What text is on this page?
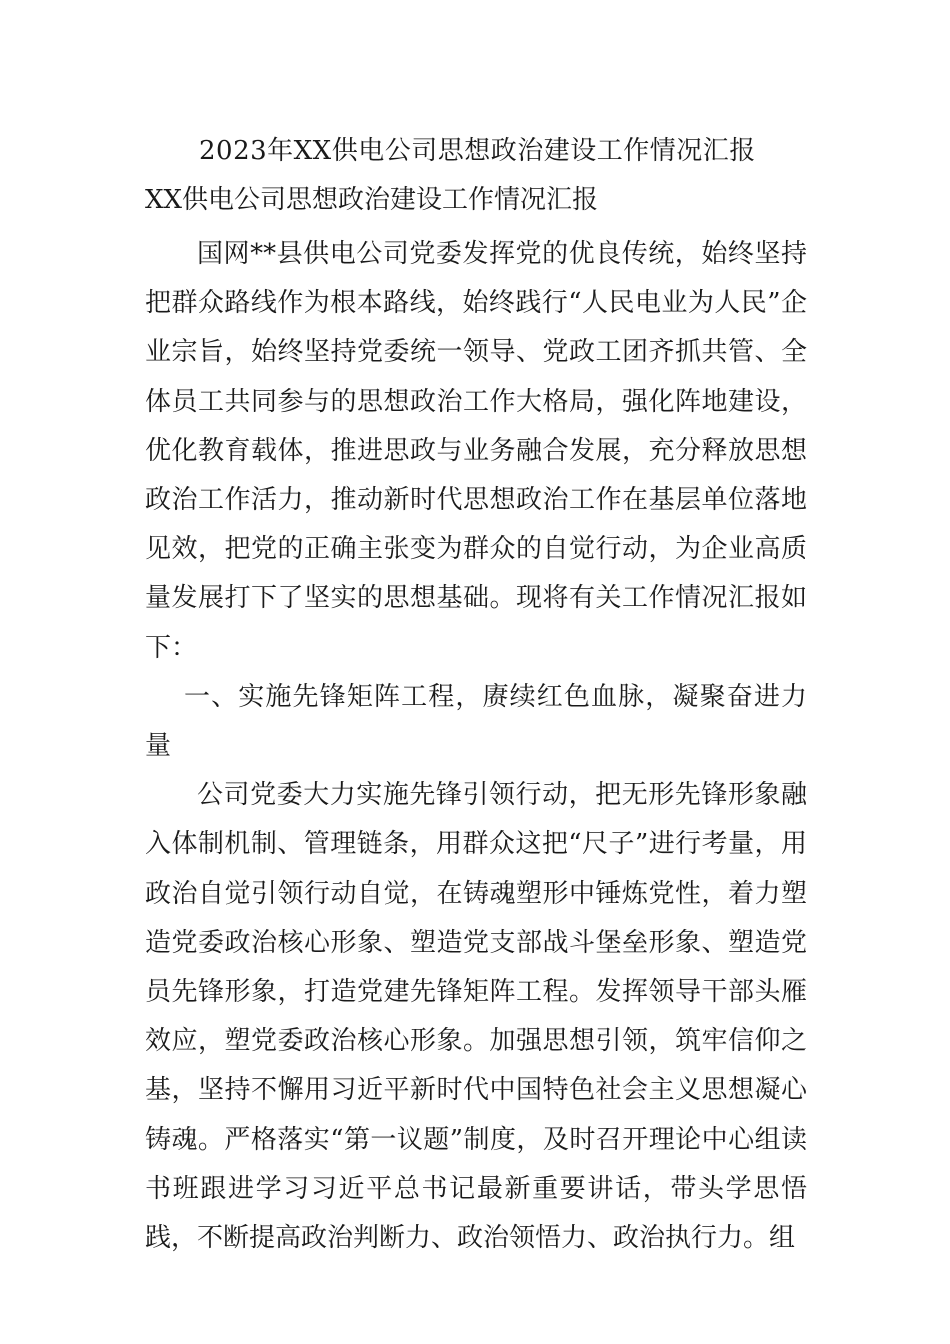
2023年XX供电公司思想政治建设工作情况汇报
XX供电公司思想政治建设工作情况汇报

国网**县供电公司党委发挥党的优良传统，始终坚持把群众路线作为根本路线，始终践行“人民电业为人民”企业宗旨，始终坚持党委统一领导、党政工团齐抓共管、全体员工共同参与的思想政治工作大格局，强化阵地建设，优化教育载体，推进思政与业务融合发展，充分释放思想政治工作活力，推动新时代思想政治工作在基层单位落地见效，把党的正确主张变为群众的自觉行动，为企业高质量发展打下了坚实的思想基础。现将有关工作情况汇报如下：

一、实施先锋矩阵工程，赓续红色血脉，凝聚奋进力量

公司党委大力实施先锋引领行动，把无形先锋形象融入体制机制、管理链条，用群众这把“尺子”进行考量，用政治自觉引领行动自觉，在铸魂塑形中锤炼党性，着力塑造党委政治核心形象、塑造党支部战斗堡垒形象、塑造党员先锋形象，打造党建先锋矩阵工程。发挥领导干部头雁效应，塑党委政治核心形象。加强思想引领，筑牢信仰之基，坚持不懈用习近平新时代中国特色社会主义思想凝心铸魂。严格落实“第一议题”制度，及时召开理论中心组读书班跟进学习习近平总书记最新重要讲话，带头学思悟践，不断提高政治判断力、政治领悟力、政治执行力。组
